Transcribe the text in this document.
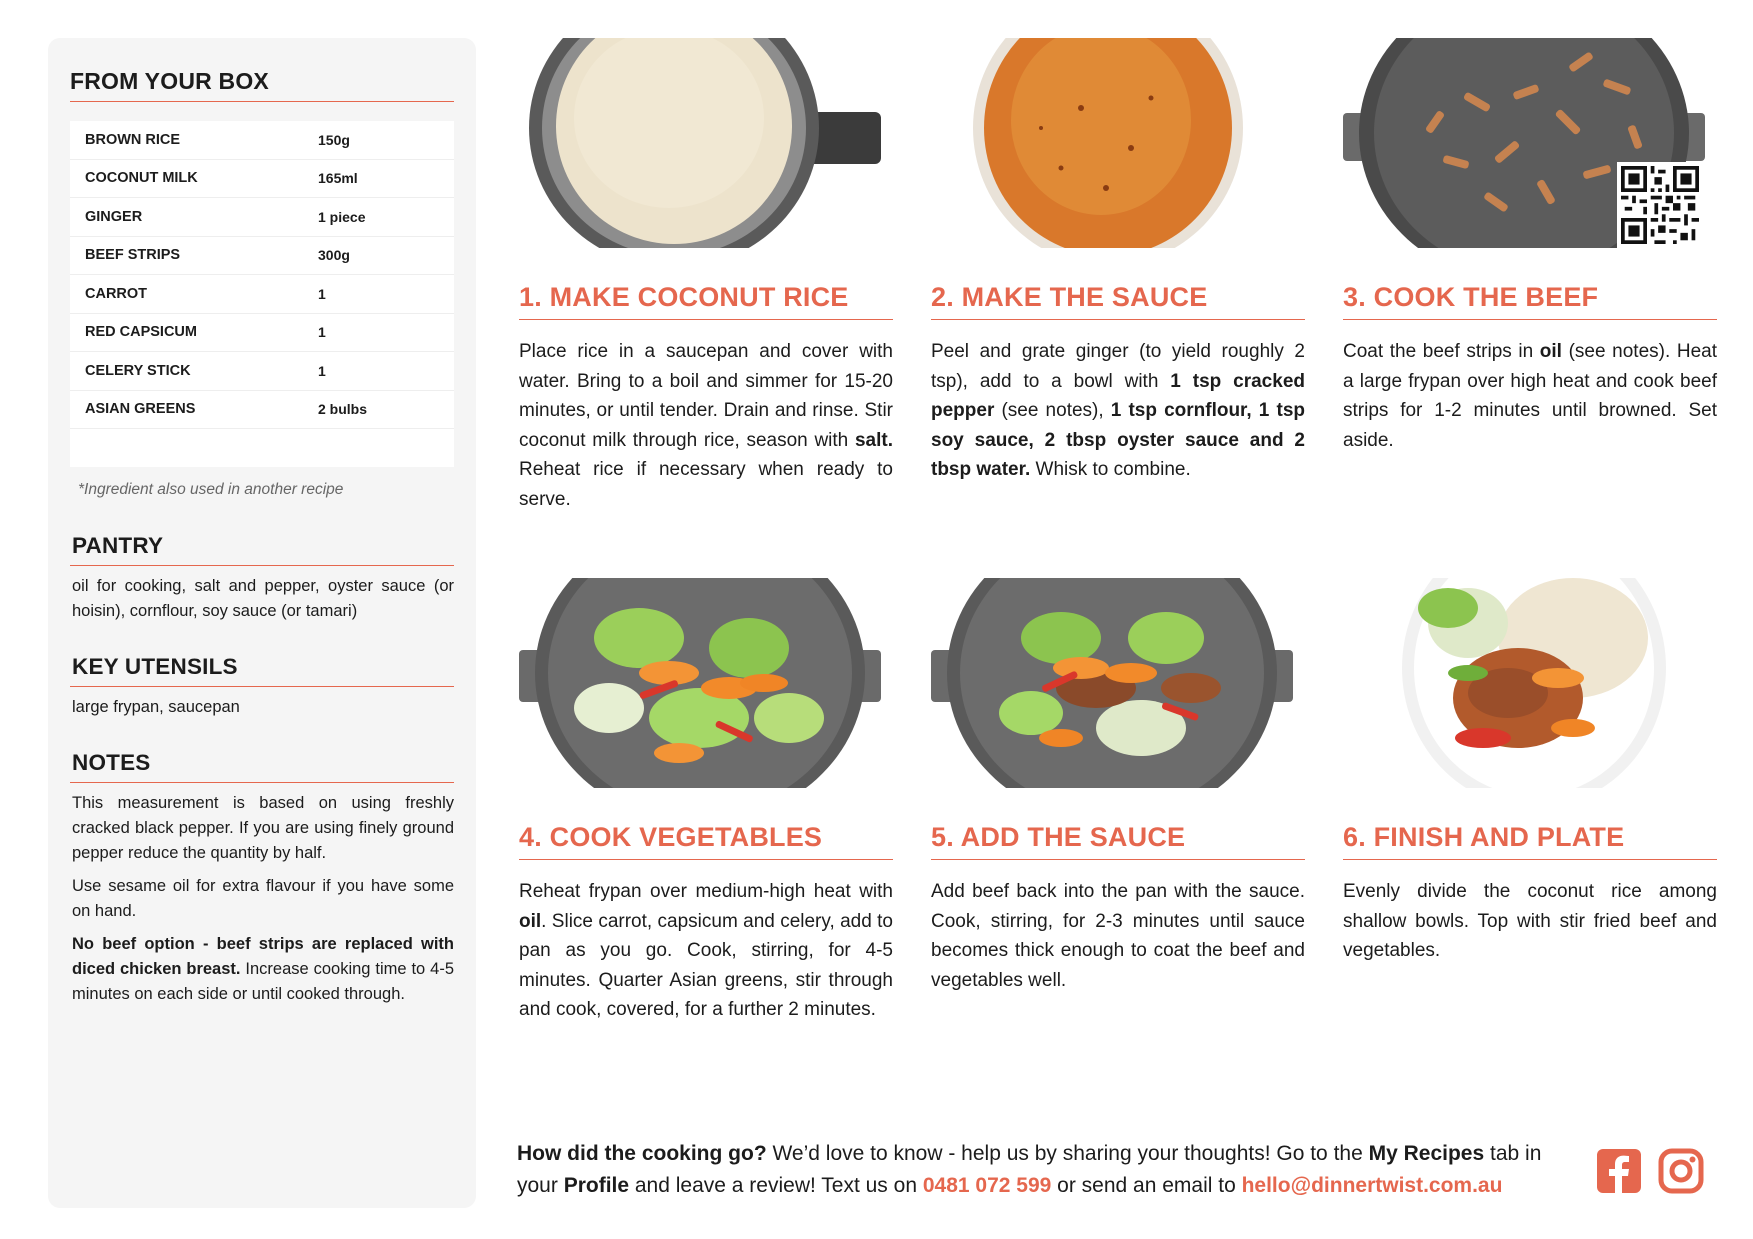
FROM YOUR BOX
BROWN RICE	150g
COCONUT MILK	165ml
GINGER	1 piece
BEEF STRIPS	300g
CARROT	1
RED CAPSICUM	1
CELERY STICK	1
ASIAN GREENS	2 bulbs
*Ingredient also used in another recipe
PANTRY
oil for cooking, salt and pepper, oyster sauce (or hoisin), cornflour, soy sauce (or tamari)
KEY UTENSILS
large frypan, saucepan
NOTES

This measurement is based on using freshly cracked black pepper. If you are using finely ground pepper reduce the quantity by half.

Use sesame oil for extra flavour if you have some on hand.

No beef option - beef strips are replaced with diced chicken breast. Increase cooking time to 4-5 minutes on each side or until cooked through.

1. MAKE COCONUT RICE

Place rice in a saucepan and cover with water. Bring to a boil and simmer for 15-20 minutes, or until tender. Drain and rinse. Stir coconut milk through rice, season with salt. Reheat rice if necessary when ready to serve.

2. MAKE THE SAUCE

Peel and grate ginger (to yield roughly 2 tsp), add to a bowl with 1 tsp cracked pepper (see notes), 1 tsp cornflour, 1 tsp soy sauce, 2 tbsp oyster sauce and 2 tbsp water. Whisk to combine.

3. COOK THE BEEF

Coat the beef strips in oil (see notes). Heat a large frypan over high heat and cook beef strips for 1-2 minutes until browned. Set aside.

4. COOK VEGETABLES

Reheat frypan over medium-high heat with oil. Slice carrot, capsicum and celery, add to pan as you go. Cook, stirring, for 4-5 minutes. Quarter Asian greens, stir through and cook, covered, for a further 2 minutes.

5. ADD THE SAUCE

Add beef back into the pan with the sauce. Cook, stirring, for 2-3 minutes until sauce becomes thick enough to coat the beef and vegetables well.

6. FINISH AND PLATE

Evenly divide the coconut rice among shallow bowls. Top with stir fried beef and vegetables.

How did the cooking go? We’d love to know - help us by sharing your thoughts! Go to the My Recipes tab in your Profile and leave a review! Text us on 0481 072 599 or send an email to hello@dinnertwist.com.au
